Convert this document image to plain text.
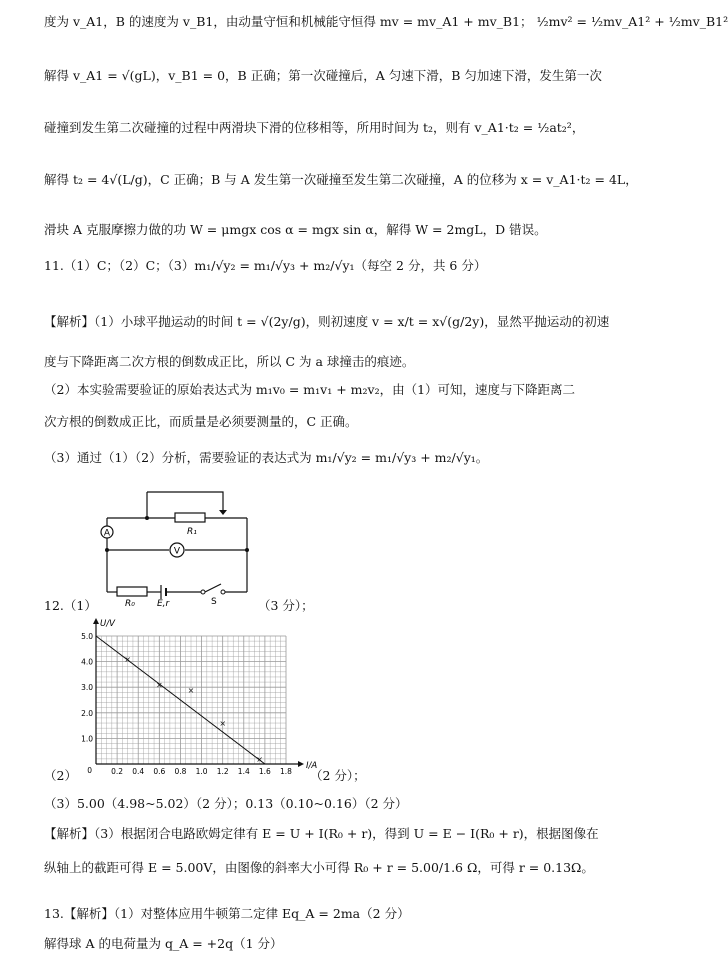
度为 v_A1，B 的速度为 v_B1，由动量守恒和机械能守恒得 mv = mv_A1 + mv_B1； ½mv² = ½mv_A1² + ½mv_B1²
解得 v_A1 = √(gL)，v_B1 = 0，B 正确；第一次碰撞后，A 匀速下滑，B 匀加速下滑，发生第一次
碰撞到发生第二次碰撞的过程中两滑块下滑的位移相等，所用时间为 t₂，则有 v_A1·t₂ = ½at₂²，
解得 t₂ = 4√(L/g)，C 正确；B 与 A 发生第一次碰撞至发生第二次碰撞，A 的位移为 x = v_A1·t₂ = 4L，
滑块 A 克服摩擦力做的功 W = μmgx cos α = mgx sin α，解得 W = 2mgL，D 错误。
11.（1）C；（2）C；（3）m₁/√y₂ = m₁/√y₃ + m₂/√y₁（每空 2 分，共 6 分）
【解析】（1）小球平抛运动的时间 t = √(2y/g)，则初速度 v = x/t = x√(g/2y)，显然平抛运动的初速
度与下降距离二次方根的倒数成正比，所以 C 为 a 球撞击的痕迹。
（2）本实验需要验证的原始表达式为 m₁v₀ = m₁v₁ + m₂v₂，由（1）可知，速度与下降距离二
次方根的倒数成正比，而质量是必须要测量的，C 正确。
（3）通过（1）（2）分析，需要验证的表达式为 m₁/√y₂ = m₁/√y₃ + m₂/√y₁。
A
V
R₁
R₀ E,r	S
12.（1）	（3 分）；
×
×
×
×
×
0.2 0.4 0.6 0.8 1.0 1.2 1.4 1.6 1.8
1.0
2.0
3.0
4.0
5.0
0	I/A
U/V
（2）	（2 分）；
（3）5.00（4.98~5.02）（2 分）；0.13（0.10~0.16）（2 分）
【解析】（3）根据闭合电路欧姆定律有 E = U + I(R₀ + r)，得到 U = E − I(R₀ + r)，根据图像在
纵轴上的截距可得 E = 5.00V，由图像的斜率大小可得 R₀ + r = 5.00/1.6 Ω，可得 r = 0.13Ω。
13.【解析】（1）对整体应用牛顿第二定律 Eq_A = 2ma（2 分）
解得球 A 的电荷量为 q_A = +2q（1 分）
